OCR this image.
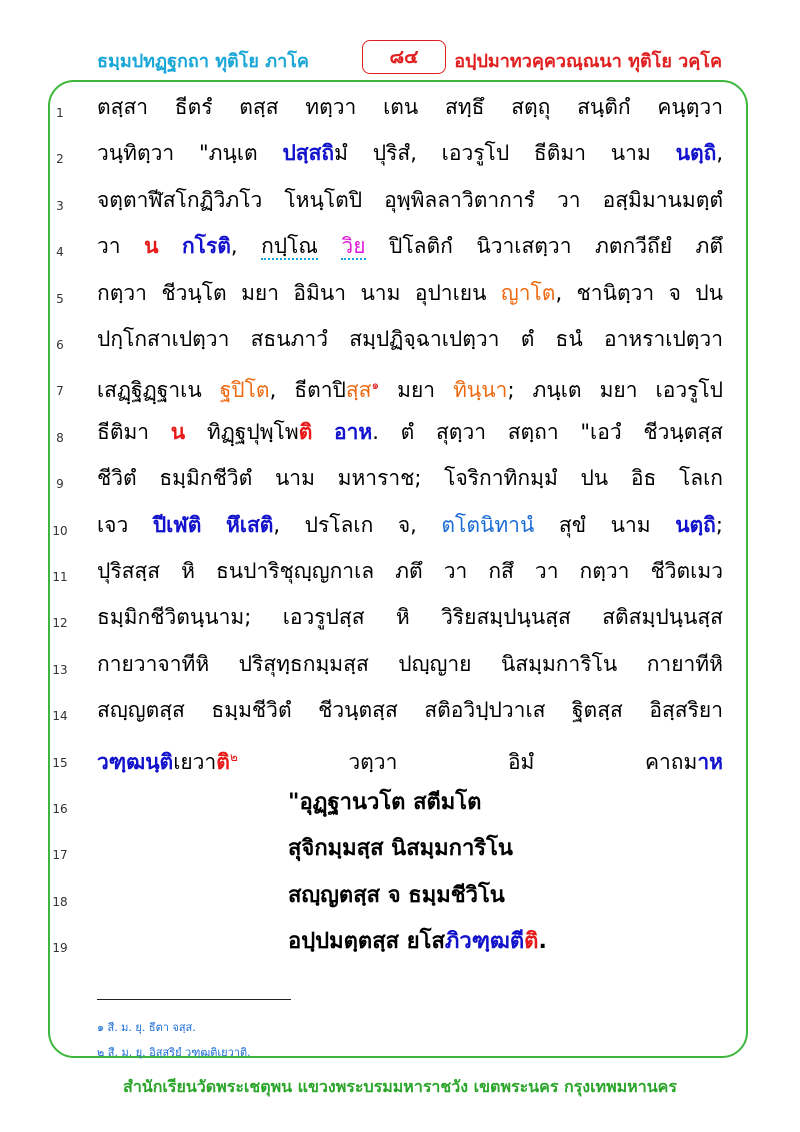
ธมฺมปทฏฺฐกถา ทุติโย ภาโค	๘๔	อปฺปมาทวคฺควณฺณนา ทุติโย วคฺโค
1	ตสฺสา ธีตรํ ตสฺส ทตฺวา เตน สทฺธึ สตฺถุ สนฺติกํ คนฺตฺวา
2	วนฺทิตฺวา "ภนฺเต ปสฺสถิมํ ปุริสํ, เอวรูโป ธีติมา นาม นตฺถิ,
3	จตฺตาฬีสโกฏิวิภโว โหนฺโตปิ อุพฺพิลลาวิตาการํ วา อสฺมิมานมตฺตํ
4	วา น กโรติ, กปฺโณ วิย ปิโลติกํ นิวาเสตฺวา ภตกวีถึยํ ภตึ
5	กตฺวา ชีวนฺโต มยา อิมินา นาม อุปาเยน ญาโต, ชานิตฺวา จ ปน
6	ปกฺโกสาเปตฺวา สธนภาวํ สมฺปฏิจฺฉาเปตฺวา ตํ ธนํ อาหราเปตฺวา
7	เสฏฺฐิฏฺฐาเน ฐปิโต, ธีตาปิสฺส$^๑$ มยา ทินฺนา; ภนฺเต มยา เอวรูโป
8	ธีติมา น ทิฏฺฐปุพฺโพติ อาห. ตํ สุตฺวา สตฺถา "เอวํ ชีวนฺตสฺส
9	ชีวิตํ ธมฺมิกชีวิตํ นาม มหาราช; โจริกาทิกมฺมํ ปน อิธ โลเก
10	เจว ปีเฬติ หึเสติ, ปรโลเก จ, ตโตนิทานํ สุขํ นาม นตฺถิ;
11	ปุริสสฺส หิ ธนปาริชุญฺญกาเล ภตึ วา กสึ วา กตฺวา ชีวิตเมว
12	ธมฺมิกชีวิตนฺนาม; เอวรูปสฺส หิ วิริยสมฺปนฺนสฺส สติสมฺปนฺนสฺส
13	กายวาจาทีหิ ปริสุทฺธกมฺมสฺส ปญฺญาย นิสมฺมการิโน กายาทีหิ
14	สญฺญตสฺส ธมฺมชีวิตํ ชีวนฺตสฺส สติอวิปฺปวาเส ฐิตสฺส อิสฺสริยา
15	วฑฺฒนฺติเยวาติ$^๒$ วตฺวา อิมํ คาถมาห
16	"อุฏฺฐานวโต สตีมโต
17	สุจิกมฺมสฺส นิสมฺมการิโน
18	สญฺญตสฺส จ ธมฺมชีวิโน
19	อปฺปมตฺตสฺส ยโสภิวฑฺฒตีติ.
๑ สี. ม. ยุ. ธีตา จสฺส.
๒ สี. ม. ยุ. อิสฺสริยํ วฑฺฒติเยวาติ.
สำนักเรียนวัดพระเชตุพน แขวงพระบรมมหาราชวัง เขตพระนคร กรุงเทพมหานคร
